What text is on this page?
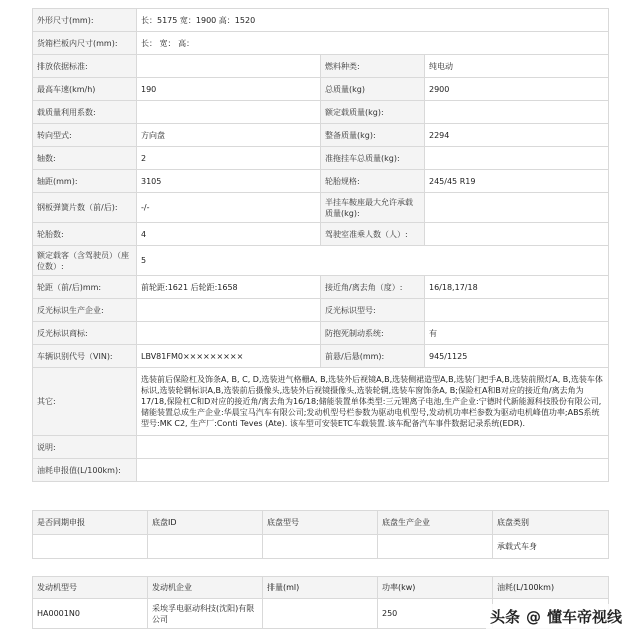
外形尺寸(mm):	长：5175 宽：1900 高：1520		
货箱栏板内尺寸(mm):	长： 宽： 高：		
排放依据标准:		燃料种类:	纯电动
最高车速(km/h)	190	总质量(kg)	2900
载质量利用系数:		额定载质量(kg):	
转向型式:	方向盘	整备质量(kg):	2294
轴数:	2	准拖挂车总质量(kg):	
轴距(mm):	3105	轮胎规格:	245/45 R19
钢板弹簧片数（前/后):	-/-	半挂车鞍座最大允许承载质量(kg):	
轮胎数:	4	驾驶室准乘人数（人）:	
额定载客（含驾驶员）（座位数）:	5		
轮距（前/后)mm:	前轮距:1621 后轮距:1658	接近角/离去角（度）:	16/18,17/18
反光标识生产企业:		反光标识型号:	
反光标识商标:		防抱死制动系统:	有
车辆识别代号（VIN):	LBV81FM0×××××××××	前悬/后悬(mm):	945/1125
其它:	选装前后保险杠及饰条A, B, C, D,选装进气格栅A, B,选装外后视镜A,B,选装侧裙造型A,B,选装门把手A,B,选装前照灯A, B,选装车体标识,选装轮辋标识A,B,选装前后摄像头,选装外后视镜摄像头,选装轮辋,选装车窗饰条A, B;保险杠A和B对应的接近角/离去角为17/18,保险杠C和D对应的接近角/离去角为16/18;储能装置单体类型:三元锂离子电池,生产企业:宁德时代新能源科技股份有限公司,储能装置总成生产企业:华晨宝马汽车有限公司;发动机型号栏参数为驱动电机型号,发动机功率栏参数为驱动电机峰值功率;ABS系统型号:MK C2, 生产厂:Conti Teves (Ate). 该车型可安装ETC车载装置.该车配备汽车事件数据记录系统(EDR).		
说明:			
油耗申报值(L/100km):			
是否同期申报	底盘ID	底盘型号	底盘生产企业	底盘类别
				承载式车身
发动机型号	发动机企业	排量(ml)	功率(kw)	油耗(L/100km)
HA0001N0	采埃孚电驱动科技(沈阳)有限公司		250		头条 @ 懂车帝视线
